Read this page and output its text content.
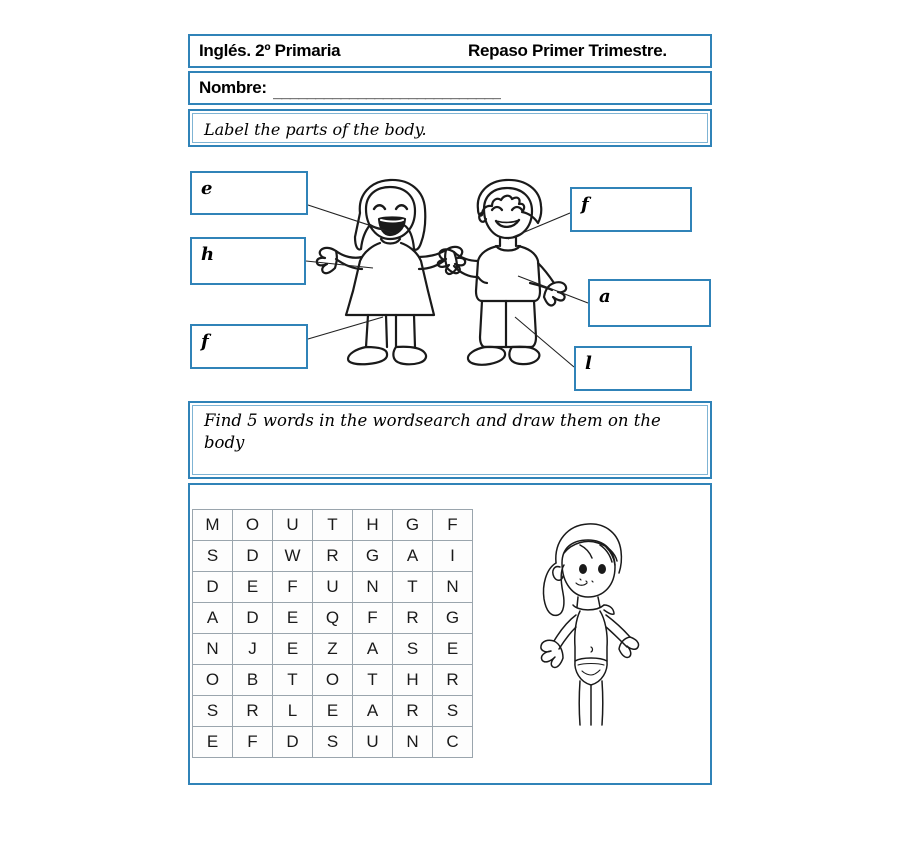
Inglés. 2º Primaria	Repaso Primer Trimestre.
Nombre: ___________________________
Label the parts of the body.
e
h
f
f
a
l
Find 5 words in the wordsearch and draw them on the body
M	O	U	T	H	G	F
S	D	W	R	G	A	I
D	E	F	U	N	T	N
A	D	E	Q	F	R	G
N	J	E	Z	A	S	E
O	B	T	O	T	H	R
S	R	L	E	A	R	S
E	F	D	S	U	N	C
